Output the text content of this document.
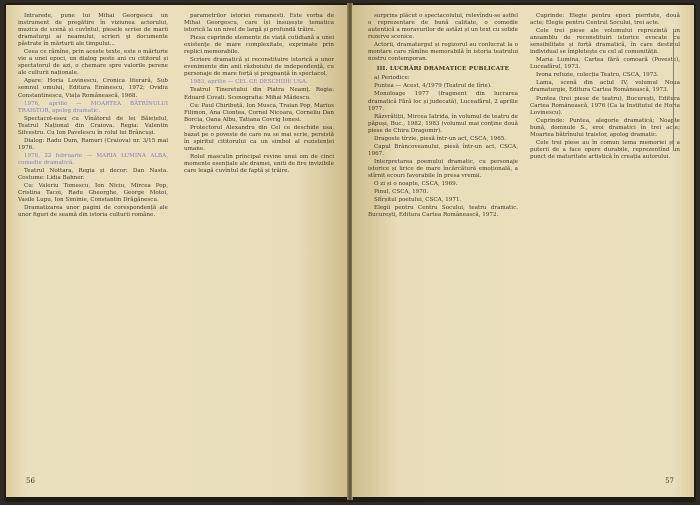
Intrarede, pune lui Mihai Georgescu un instrument de pregătire în viziunea actorului, muzica de scenă și cuvîntul, piesele scrise de marii dramaturgi ai neamului, scrieri şi documente păstrate în mărturii ale timpului...

Ceea ce rămîne, prin aceste texte, este o mărturie vie a unei epoci, un dialog peste ani cu cititorul și spectatorul de azi, o chemare spre valorile perene ale culturii naționale.

Apare: Horia Lovinescu, Cronica literară, Sub semnul omului, Editura Eminescu, 1972; Ovidiu Constantinescu, Viața Românească, 1968.

1976, aprilie — MOARTEA BĂTRÎNULUI TRAISTOR, apolog dramatic.

Spectacol-eseu cu Vînătorul de lei Băiețelul, Teatrul Național din Craiova. Regia: Valentin Silvestru. Cu Ion Pavelescu în rolul lui Brâncuși.

Dialog: Radu Dum, Ramuri (Craiova) nr. 3/15 mai 1976.

1978, 22 februarie — MARIA LUMINA ALBA, comedie dramatică.

Teatrul Nottara, Regia și decor: Dan Nasta. Costume: Lidia Bahner.

Cu: Valeriu Tomescu, Ion Niciu, Mircea Pop, Cristina Tacoi, Radu Gheorghe, George Motoi, Vasile Lupu, Ion Siminie, Constantin Drăgănescu.

Dramatizarea unor pagini de corespondență ale unor figuri de seamă din istoria culturii române.

parametrilor istoriei romanesti. Este vorba de Mihai Georgescu, care își însușește tematica istorică la un nivel de largă și profundă trăire.

Piesa cuprinde elemente de viață cotidiană a unei existențe de mare complexitate, exprimate prin replici memorabile.

Scriere dramatică și reconstituire istorică a unor evenimente din anii războiului de independență, cu personaje de mare forță și pregnanță în spectacol.

1983, aprilie — CEL CE DESCHIDE USA.

Teatrul Tineretului din Piatra Neamț. Regia: Eduard Covali. Scenografia: Mihai Mădescu.

Cu: Paul Chiribuță, Ion Musca, Traian Pop, Marius Filimon, Ana Ciontea, Cornel Nicoara, Corneliu Dan Borcia, Oana Albu, Tatiana Covrig Ionesi.

Protectorul Alexandru din Cel ce deschide usa, bazat pe o poveste de care nu se mai scrie, persistă în spiritul cititorului ca un simbol al rezistenței umane.

Rolul masculin principal revine unui om de cinci momente esențiale ale dramei, uniti de fire invizibile care leagă cuvîntul de faptă și trăire.

56

surprins plăcut o spectacolului, relevîndu-se astfel o reprezentare de bună calitate, o comedie autentică a moravurilor de astăzi și un text cu solide rezerve scenice.

Actorii, dramaturgul și regizorul au conlucrat la o montare care rămîne memorabilă în istoria teatrului nostru contemporan.

III. LUCRĂRI DRAMATICE PUBLICATE

a) Periodice:

Puntea — Acest, 4/1979 (Teatrul de lîrie).

Monoloage 1977 (fragment din lucrarea dramatică Fără loc și judecată), Luceafărul, 2 aprilie 1977.

Răzvrătiții, Mircea Iatrida, în volumul de teatru de păpuși, Buc., 1982, 1983 (volumul mai conține două piese de Chira Dragomir).

Dragoste tîrzie, piesă într-un act, CSCA, 1965.

Capul Brâncoveanului, piesă într-un act, CSCA, 1967.

Interpretarea poemului dramatic, cu personaje istorice și lirice de mare încărcătură emoțională, a stîrnit ecouri favorabile în presa vremii.

O zi și o noapte, CSCA, 1969.

Pinul, CSCA, 1970.

Sfîrșitul poetului, CSCA, 1971.

Elegii pentru Centru Socului, teatru dramatic. București, Editura Cartea Românească, 1972.

Cuprinde: Elegie pentru epoci pierdute, două acte; Elegie pentru Centrul Socului, trei acte.

Cele trei piese ale volumului reprezintă un ansamblu de reconstituiri istorice evocate cu sensibilitate și forță dramatică, în care destinul individual se împletește cu cel al comunității.

Maria Lumina, Cartea fără comoară (Poveste), Luceafărul, 1973.

Ivona refuzie, colecția Teatru, CSCA, 1973.

Lama, scenă din actul IV, volumul Noua dramaturgie, Editura Cartea Românească, 1973.

Puntea (trei piese de teatru), București, Editura Cartea Românească, 1976 (Ca la Institutul de Horia Lovinescu).

Cuprinde: Puntea, alegorie dramatică; Noapte bună, domnule S., eroi dramatici în trei acte; Moartea bătrînului traistor, apolog dramatic.

Cele trei piese au în comun tema memoriei și a puterii de a face opere durabile, reprezentînd un punct de maturitate artistică în creația autorului.

57
